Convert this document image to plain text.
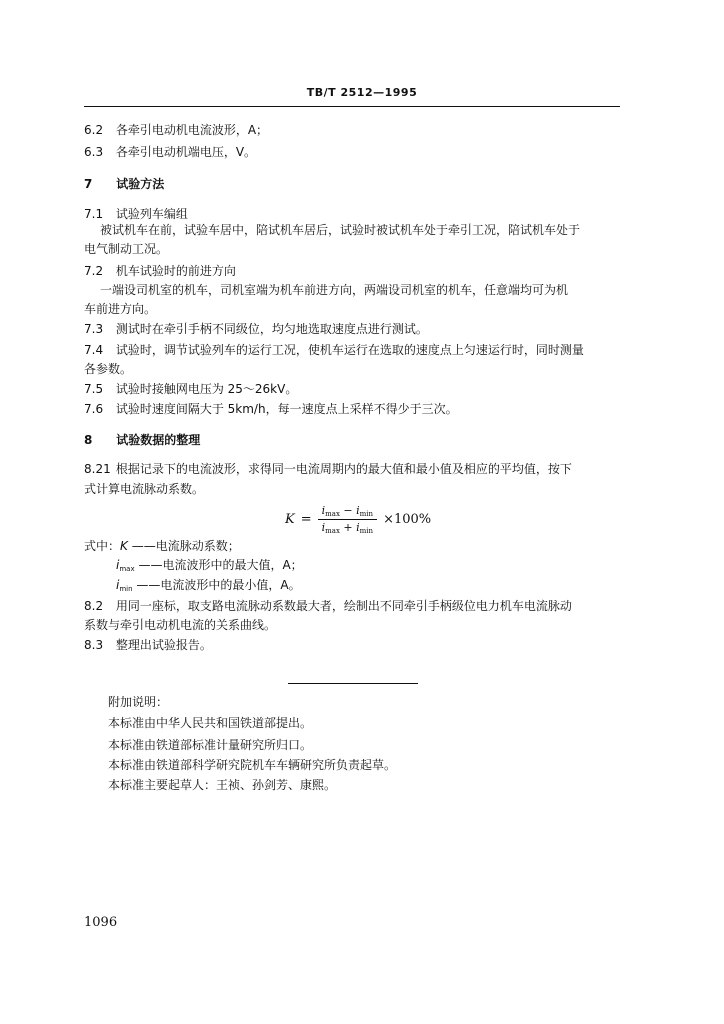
TB/T 2512—1995
6.2 各牵引电动机电流波形，A；
6.3 各牵引电动机端电压，V。
7 试验方法
7.1 试验列车编组
被试机车在前，试验车居中，陪试机车居后，试验时被试机车处于牵引工况，陪试机车处于
电气制动工况。
7.2 机车试验时的前进方向
一端设司机室的机车，司机室端为机车前进方向，两端设司机室的机车，任意端均可为机
车前进方向。
7.3 测试时在牵引手柄不同级位，均匀地选取速度点进行测试。
7.4 试验时，调节试验列车的运行工况，使机车运行在选取的速度点上匀速运行时，同时测量
各参数。
7.5 试验时接触网电压为 25～26kV。
7.6 试验时速度间隔大于 5km/h，每一速度点上采样不得少于三次。
8 试验数据的整理
8.21 根据记录下的电流波形，求得同一电流周期内的最大值和最小值及相应的平均值，按下
式计算电流脉动系数。
$K = \frac{i_{max} - i_{min}}{i_{max} + i_{min}} \times 100\%$
式中：K ——电流脉动系数；
$i_{max}$ ——电流波形中的最大值，A；
$i_{min}$ ——电流波形中的最小值，A。
8.2 用同一座标，取支路电流脉动系数最大者，绘制出不同牵引手柄级位电力机车电流脉动
系数与牵引电动机电流的关系曲线。
8.3 整理出试验报告。
附加说明：
本标准由中华人民共和国铁道部提出。
本标准由铁道部标准计量研究所归口。
本标准由铁道部科学研究院机车车辆研究所负责起草。
本标准主要起草人：王祯、孙剑芳、康熙。
1096
